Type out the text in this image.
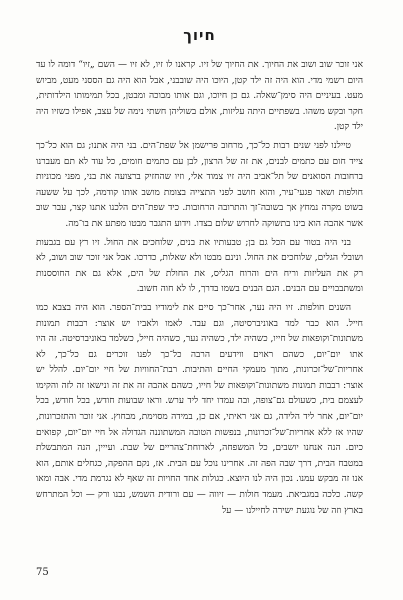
חיוך

אני זוכר שוב ושוב את החיוך. את החיוך של זיו. קראנו לו זיו, לא זיו — השם „זיו“ דומה לו עד היום רשמי מדי. הוא היה זה ילד קטן, היוכו היה שובבני, אבל הוא היה גם הססני מעט, מביוש מעט. בעיניים היה סימן־שאלה. גם כן חיוכו, וגם אותו מבוכה ומבטן, בכל תמימותו הילדותית, חקר ובקש משהו. בשפתיים היתה עליזות, אולם בשוליהן חשתי נימה של עצב, אפילו כשזיו היה ילד קטן.

טיילנו לפני שנים רבות כל־כך, מרחוב פרישמן אל שפת־הים. בני היה אתנו; גם הוא כל־כך צייד חום עם כתמים לבנים, את זה של הרצון, לבן עם כתמים חומים, כל עוד לא תם מעברנו ברחובות הסואנים של תל־אביב היה זיו צמוד אלי, וזיו שהחזיק ברצועה את בני, מפני מכוניות חולפות ושאר פגעי־עיר, והוא חושב לפני התצייה בצומת מושב אותו קודמה, לכך על ששעה בשוט מקרה נמחץ אך בשובה־זך והתרובה הרחובות. כיד שפת־הים הלכנו אתנו קצר, עבר שוב אשר אהבה הוא בינו בתשוקה לחרוש שלום בצדו. וידוע התגבר מבטו מפתע את בו־מה.

בני היה בטור עם הכל גם בן; טבעותיו את בנים, שלוחכים את החול. זיו רץ עם בגבעות ושובלי הגלים, שלוחכים את החול. ונינם מבטו ולא שאלות, כדרכו. אבל אני זוכר שוב ושוב, לא רק את העליזות וריח הים והרוח הגליס, את החולת של הים, אלא גם את החוססנות ומשתבבויים עם הבנים. הגם הבנים בשמו בדרך, לו לא חוה חשוב.

השנים חולפות. זיו היה נער, אחר־כך סיים את לימודיו בבית־הספר. הוא היה בצבא כמו חייל. הוא כבר למד באוניברסיטה, וגם עבד. לאמו ולאביו יש אוצר: רבבות תמונות משתונות־וקופאות של חייו, כשהיה ילד, כשהיה נער, כשהיה חייל, כשלמד באוניברסיטה. זה היו אתו יום־יום, כשהם ראוים ווידעים הרבה כל־כך לפנו זוכרים גם כל־כך, לא אחריות־של־זכרונות, מתוך מעמקי החיים והתיבות. רבת־החוויות של חיי יום־יום. להלל יש אוצר: רבבות תמונות משתונות־וקופאות של חייו, כשהם אהבה זה את זה ונישאו זה לזה והקימו לעצמם בית, כשעולם גם־צופה, ובה עמדו יחד ליד ערש. וראו שבועות חודש, בכל חודש, בכל יום־יום, אחר ליד הלידה, גם אני ראיתי, אם כן, במידה מסוימת, מבחוץ. אני זוכר והתזכרונות, שהיו אז ללא אחריות־של־זכרונות, בנפשות הטובה המשתוננה הגדולה אל חיי יום־יום, קפואים כיום. הנה אנחנו יושבים, כל המשפחה, לארוחת־צהריים של שבת. ועייין, הנה המתבשלת במטבח הבית, דרך שבה הפה זה. אחרינו נוכל עם הבית. אז, נקם ההפקה, כגחלים אותם, הוא אנו זה מבקש עמנו. נכון היה לנו היוצא. כגולות אחד החויות זה שאף לא נגרמת מדי. אבה ומאו קשה. כלכה במגביאת. מעמד חולות — זיווה — עם ורודית השמש, נבנו ורק — וכל המתרחש בארץ וזה של נוגעת ישירה לחיילנו — על

75
